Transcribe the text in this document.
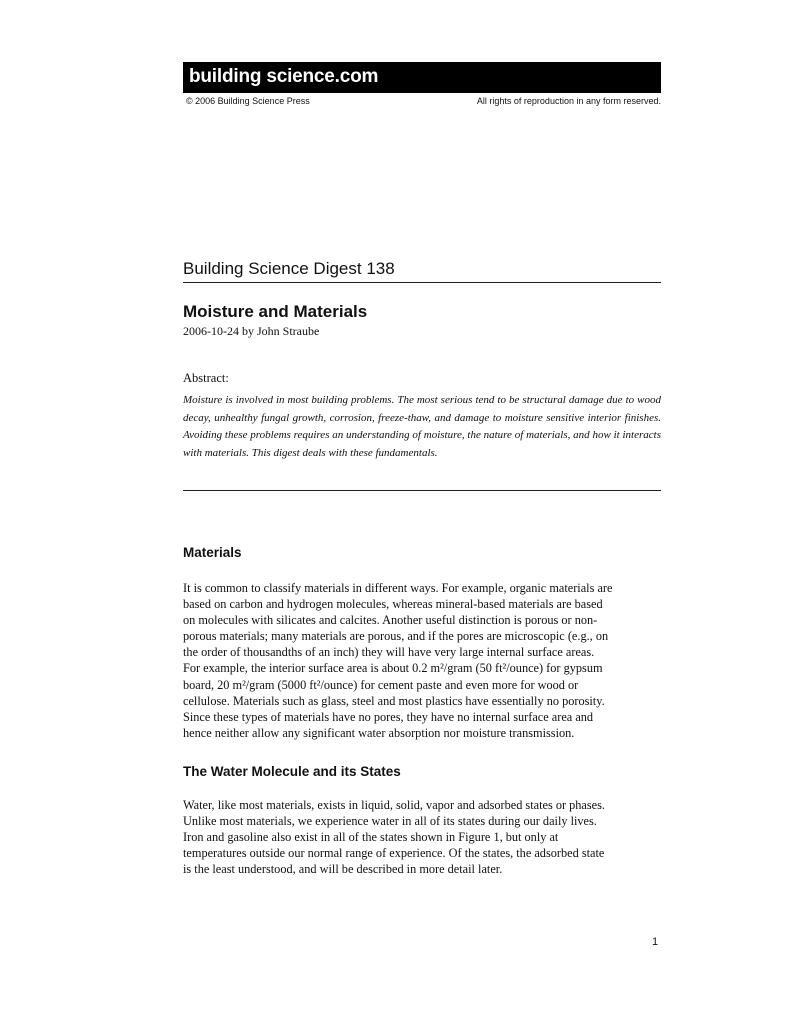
building science.com
© 2006 Building Science Press	All rights of reproduction in any form reserved.
Building Science Digest 138
Moisture and Materials
2006-10-24 by John Straube
Abstract:
Moisture is involved in most building problems. The most serious tend to be structural damage due to wood decay, unhealthy fungal growth, corrosion, freeze-thaw, and damage to moisture sensitive interior finishes. Avoiding these problems requires an understanding of moisture, the nature of materials, and how it interacts with materials. This digest deals with these fundamentals.
Materials
It is common to classify materials in different ways. For example, organic materials are
based on carbon and hydrogen molecules, whereas mineral-based materials are based
on molecules with silicates and calcites. Another useful distinction is porous or non-
porous materials; many materials are porous, and if the pores are microscopic (e.g., on
the order of thousandths of an inch) they will have very large internal surface areas.
For example, the interior surface area is about 0.2 m²/gram (50 ft²/ounce) for gypsum
board, 20 m²/gram (5000 ft²/ounce) for cement paste and even more for wood or
cellulose. Materials such as glass, steel and most plastics have essentially no porosity.
Since these types of materials have no pores, they have no internal surface area and
hence neither allow any significant water absorption nor moisture transmission.
The Water Molecule and its States
Water, like most materials, exists in liquid, solid, vapor and adsorbed states or phases.
Unlike most materials, we experience water in all of its states during our daily lives.
Iron and gasoline also exist in all of the states shown in Figure 1, but only at
temperatures outside our normal range of experience. Of the states, the adsorbed state
is the least understood, and will be described in more detail later.
1
